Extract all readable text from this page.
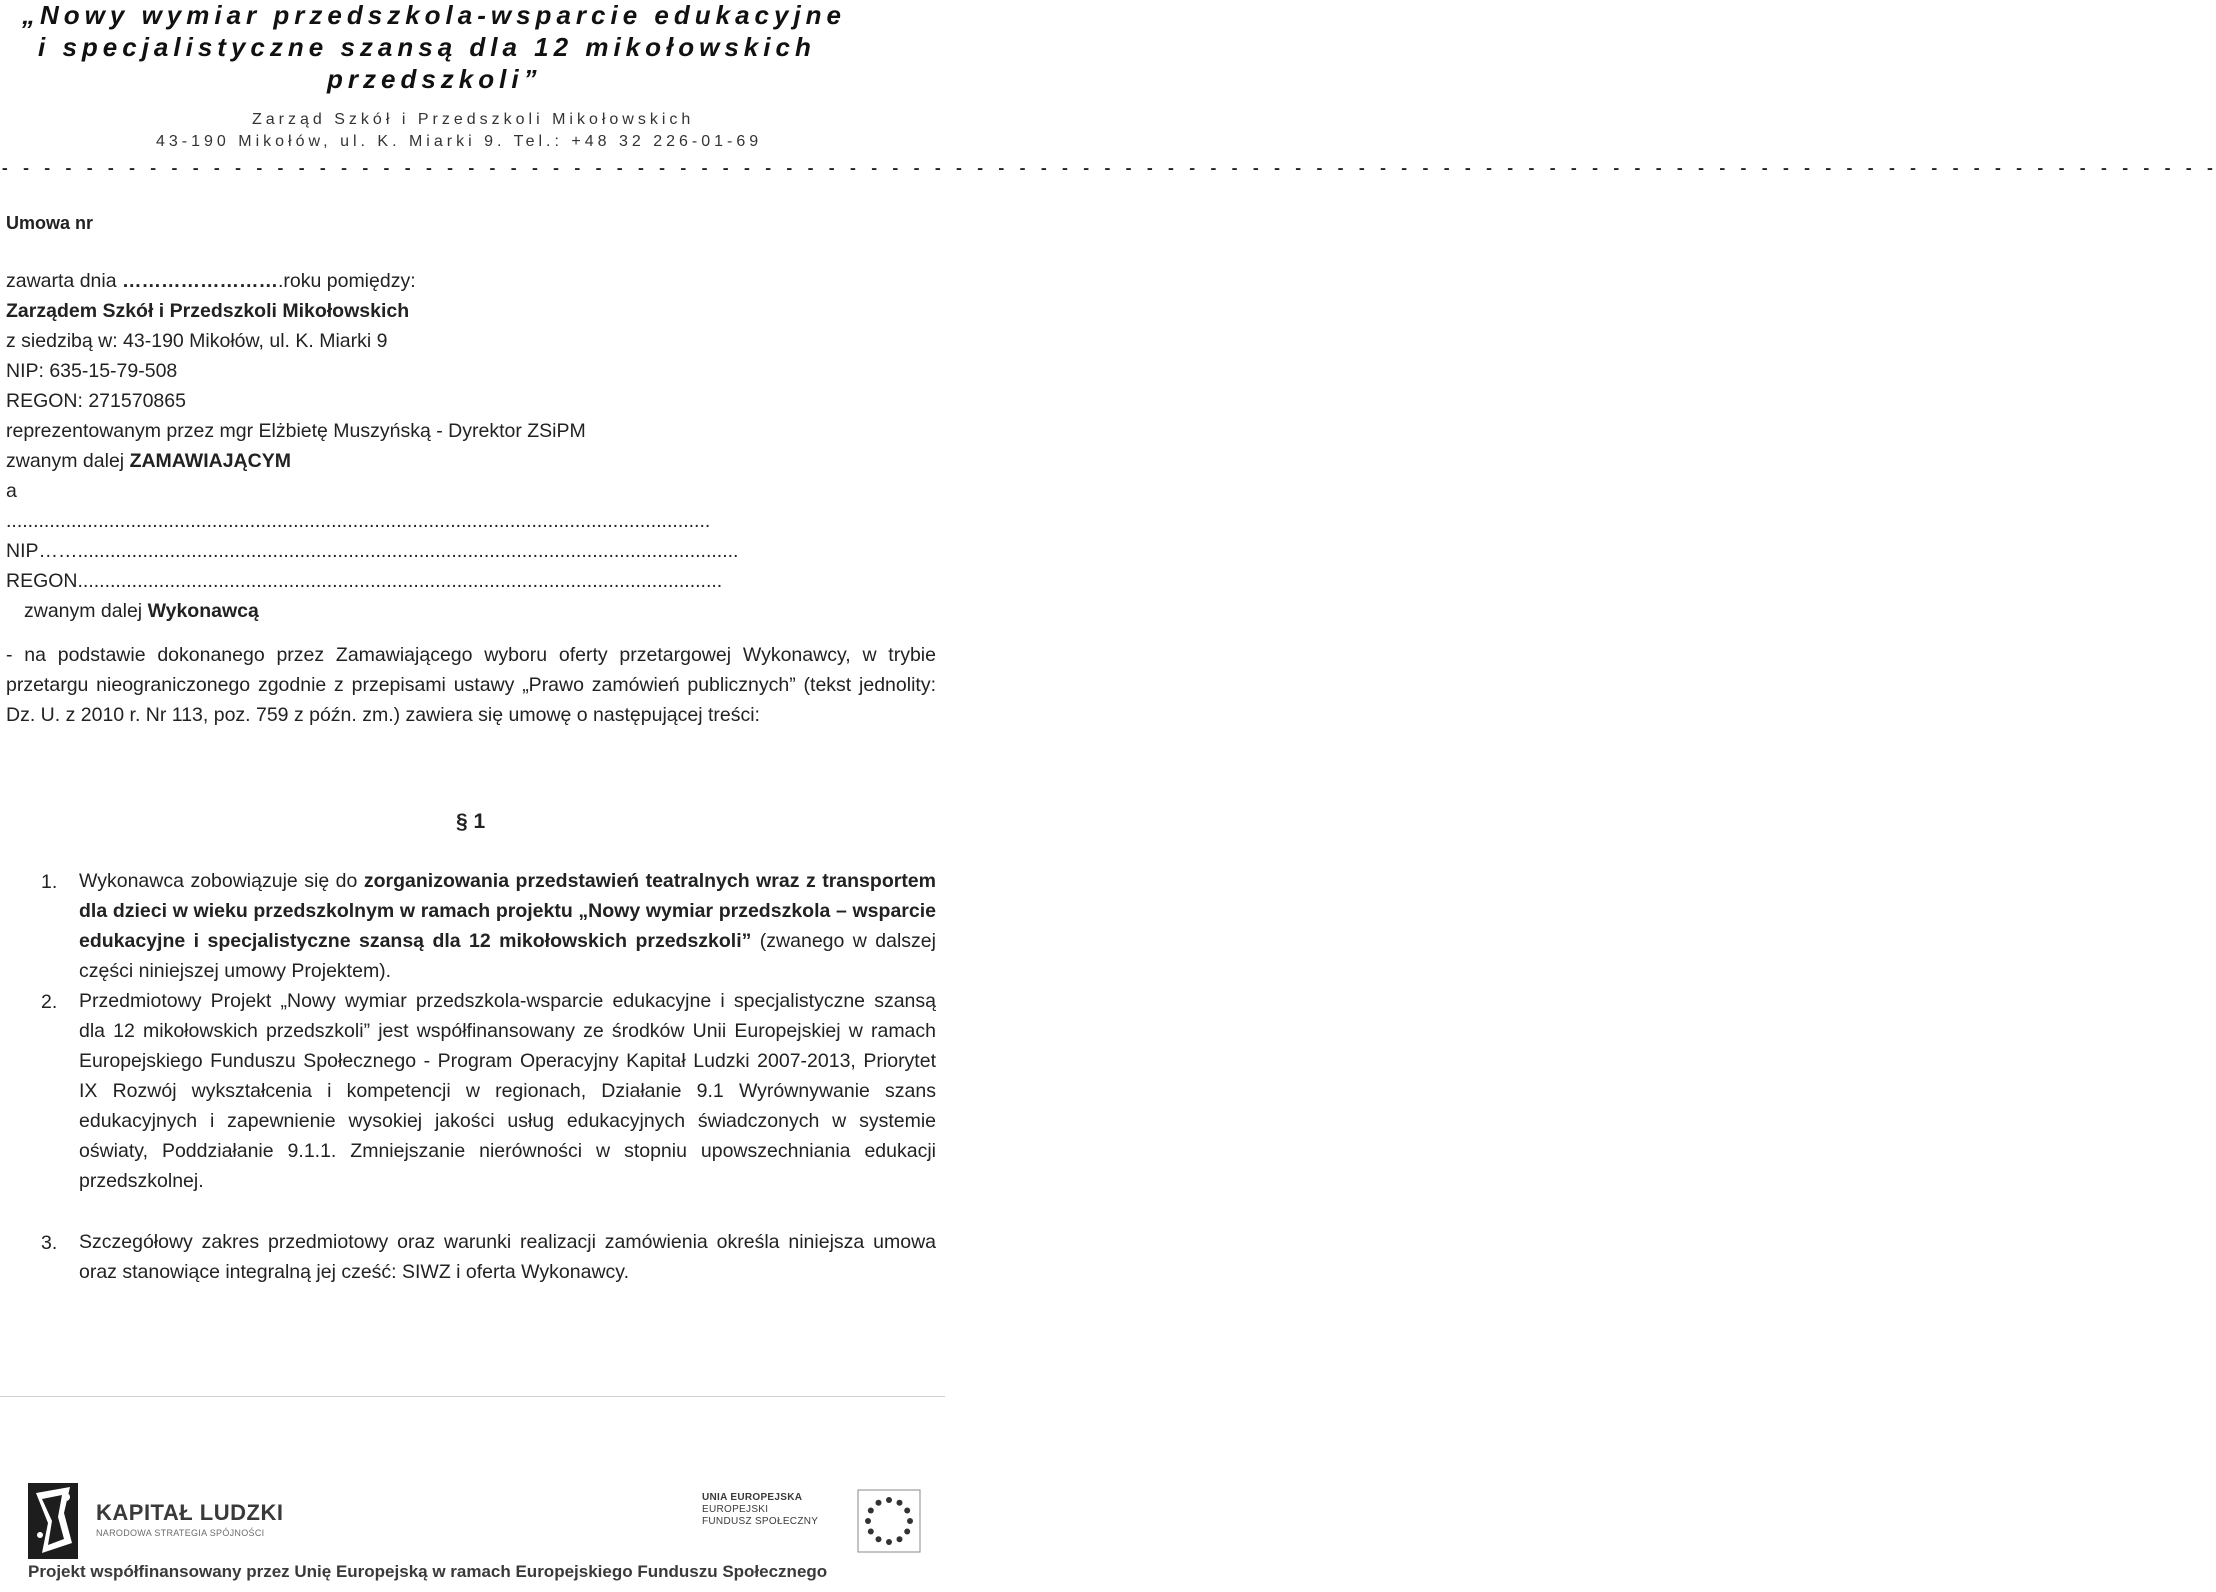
„Nowy wymiar przedszkola-wsparcie edukacyjne
i specjalistyczne szansą dla 12 mikołowskich
przedszkoli”
Zarząd Szkół i Przedszkoli Mikołowskich
43-190 Mikołów, ul. K. Miarki 9. Tel.: +48 32 226-01-69
- - - - - - - - - - - - - - - - - - - - - - - - - - - - - - - - - - - - - - - - - - - - - - - - - - - - - - - - - - - - - - - - - - - - - - - - - - - - - - - - - - - - - - - - - - - - - - - - - - - - - - - - -
Umowa nr
zawarta dnia …………………….roku pomiędzy:
Zarządem Szkół i Przedszkoli Mikołowskich
z siedzibą w: 43-190 Mikołów, ul. K. Miarki 9
NIP: 635-15-79-508
REGON: 271570865
reprezentowanym przez mgr Elżbietę Muszyńską - Dyrektor ZSiPM
zwanym dalej ZAMAWIAJĄCYM
a
..................................................................................................................................
NIP……..........................................................................................................................
REGON.......................................................................................................................
zwanym dalej Wykonawcą
- na podstawie dokonanego przez Zamawiającego wyboru oferty przetargowej Wykonawcy, w trybie przetargu nieograniczonego zgodnie z przepisami ustawy „Prawo zamówień publicznych” (tekst jednolity: Dz. U. z 2010 r. Nr 113, poz. 759 z późn. zm.) zawiera się umowę o następującej treści:
§ 1
1. Wykonawca zobowiązuje się do zorganizowania przedstawień teatralnych wraz z transportem dla dzieci w wieku przedszkolnym w ramach projektu „Nowy wymiar przedszkola – wsparcie edukacyjne i specjalistyczne szansą dla 12 mikołowskich przedszkoli” (zwanego w dalszej części niniejszej umowy Projektem).
2. Przedmiotowy Projekt „Nowy wymiar przedszkola-wsparcie edukacyjne i specjalistyczne szansą dla 12 mikołowskich przedszkoli” jest współfinansowany ze środków Unii Europejskiej w ramach Europejskiego Funduszu Społecznego - Program Operacyjny Kapitał Ludzki 2007-2013, Priorytet IX Rozwój wykształcenia i kompetencji w regionach, Działanie 9.1 Wyrównywanie szans edukacyjnych i zapewnienie wysokiej jakości usług edukacyjnych świadczonych w systemie oświaty, Poddziałanie 9.1.1. Zmniejszanie nierówności w stopniu upowszechniania edukacji przedszkolnej.
3. Szczegółowy zakres przedmiotowy oraz warunki realizacji zamówienia określa niniejsza umowa oraz stanowiące integralną jej cześć: SIWZ i oferta Wykonawcy.
KAPITAŁ LUDZKI
NARODOWA STRATEGIA SPÓJNOŚCI
UNIA EUROPEJSKA
EUROPEJSKI
FUNDUSZ SPOŁECZNY
Projekt współfinansowany przez Unię Europejską w ramach Europejskiego Funduszu Społecznego
